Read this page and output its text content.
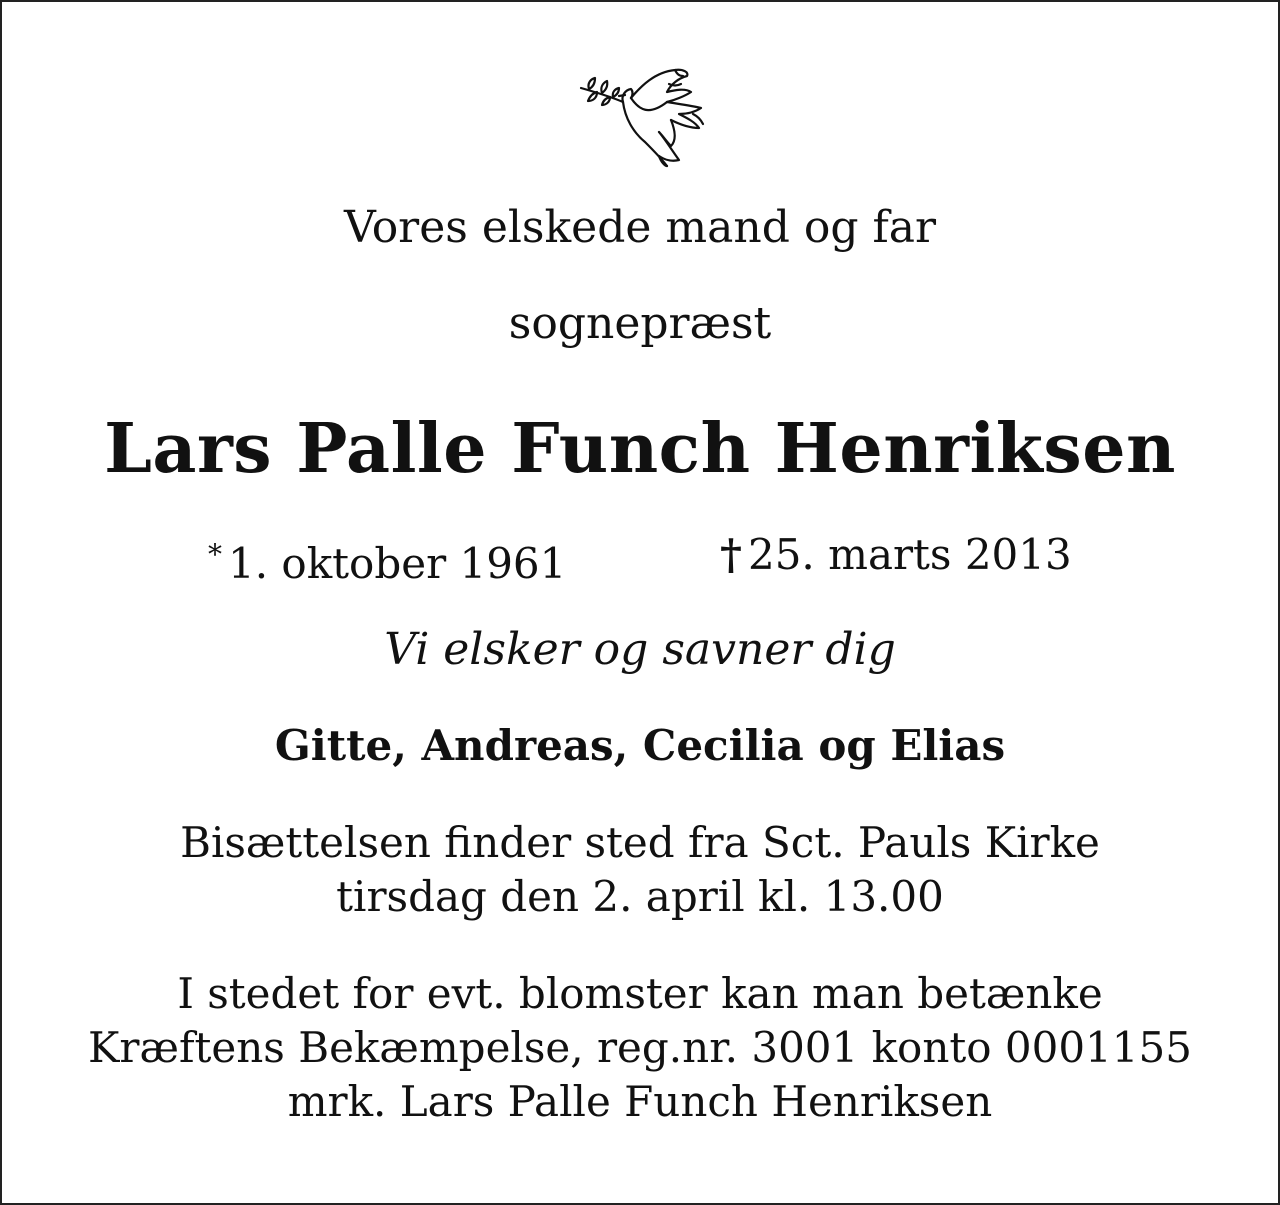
Vores elskede mand og far
sognepræst
Lars Palle Funch Henriksen
* 1. oktober 1961	† 25. marts 2013
Vi elsker og savner dig
Gitte, Andreas, Cecilia og Elias
Bisættelsen finder sted fra Sct. Pauls Kirke
tirsdag den 2. april kl. 13.00
I stedet for evt. blomster kan man betænke
Kræftens Bekæmpelse, reg.nr. 3001 konto 0001155
mrk. Lars Palle Funch Henriksen
